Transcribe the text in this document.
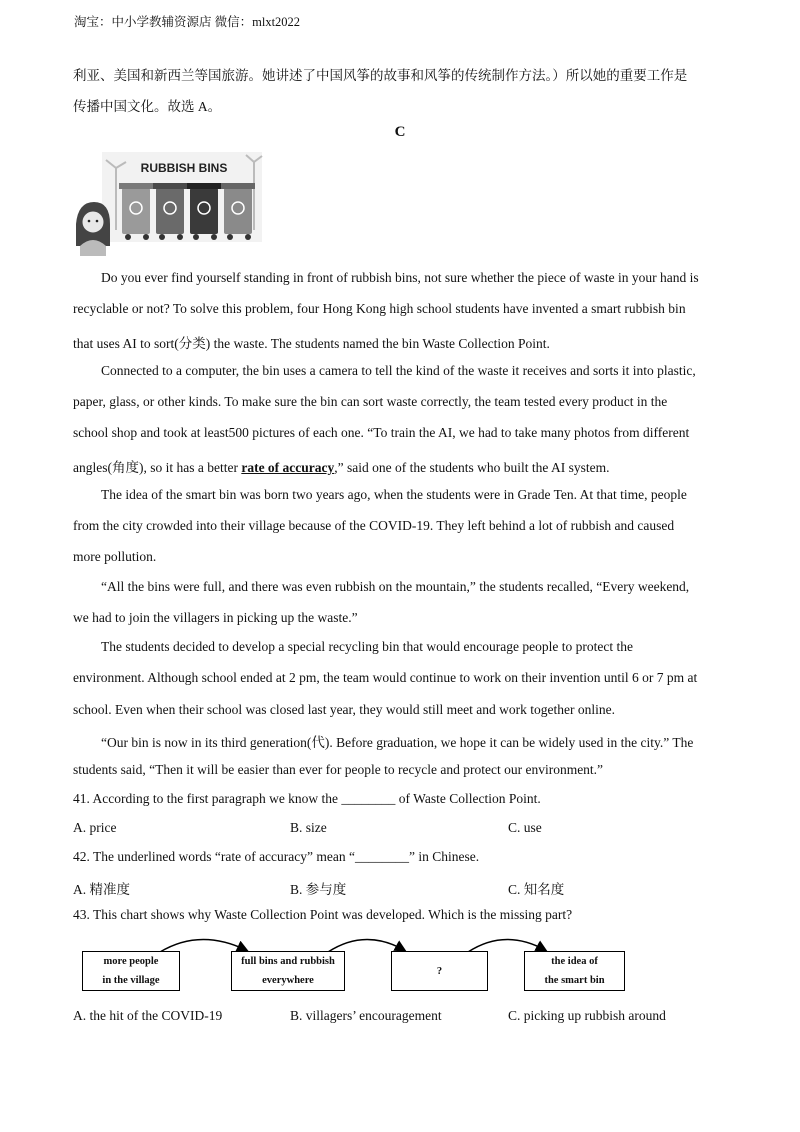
淘宝：中小学教辅资源店 微信：mlxt2022
利亚、美国和新西兰等国旅游。她讲述了中国风筝的故事和风筝的传统制作方法。）所以她的重要工作是
传播中国文化。故选 A。
C
RUBBISH BINS
Do you ever find yourself standing in front of rubbish bins, not sure whether the piece of waste in your hand is
recyclable or not? To solve this problem, four Hong Kong high school students have invented a smart rubbish bin
that uses AI to sort(分类) the waste. The students named the bin Waste Collection Point.
Connected to a computer, the bin uses a camera to tell the kind of the waste it receives and sorts it into plastic,
paper, glass, or other kinds. To make sure the bin can sort waste correctly, the team tested every product in the
school shop and took at least500 pictures of each one. “To train the AI, we had to take many photos from different
angles(角度), so it has a better rate of accuracy,” said one of the students who built the AI system.
The idea of the smart bin was born two years ago, when the students were in Grade Ten. At that time, people
from the city crowded into their village because of the COVID-19. They left behind a lot of rubbish and caused
more pollution.
“All the bins were full, and there was even rubbish on the mountain,” the students recalled, “Every weekend,
we had to join the villagers in picking up the waste.”
The students decided to develop a special recycling bin that would encourage people to protect the
environment. Although school ended at 2 pm, the team would continue to work on their invention until 6 or 7 pm at
school. Even when their school was closed last year, they would still meet and work together online.
“Our bin is now in its third generation(代). Before graduation, we hope it can be widely used in the city.” The
students said, “Then it will be easier than ever for people to recycle and protect our environment.”
41. According to the first paragraph we know the ________ of Waste Collection Point.
A. price	B. size	C. use
42. The underlined words “rate of accuracy” mean “________” in Chinese.
A. 精准度	B. 参与度	C. 知名度
43. This chart shows why Waste Collection Point was developed. Which is the missing part?
more people
in the village
full bins and rubbish
everywhere
?
the idea of
the smart bin
A. the hit of the COVID-19	B. villagers’ encouragement	C. picking up rubbish around
